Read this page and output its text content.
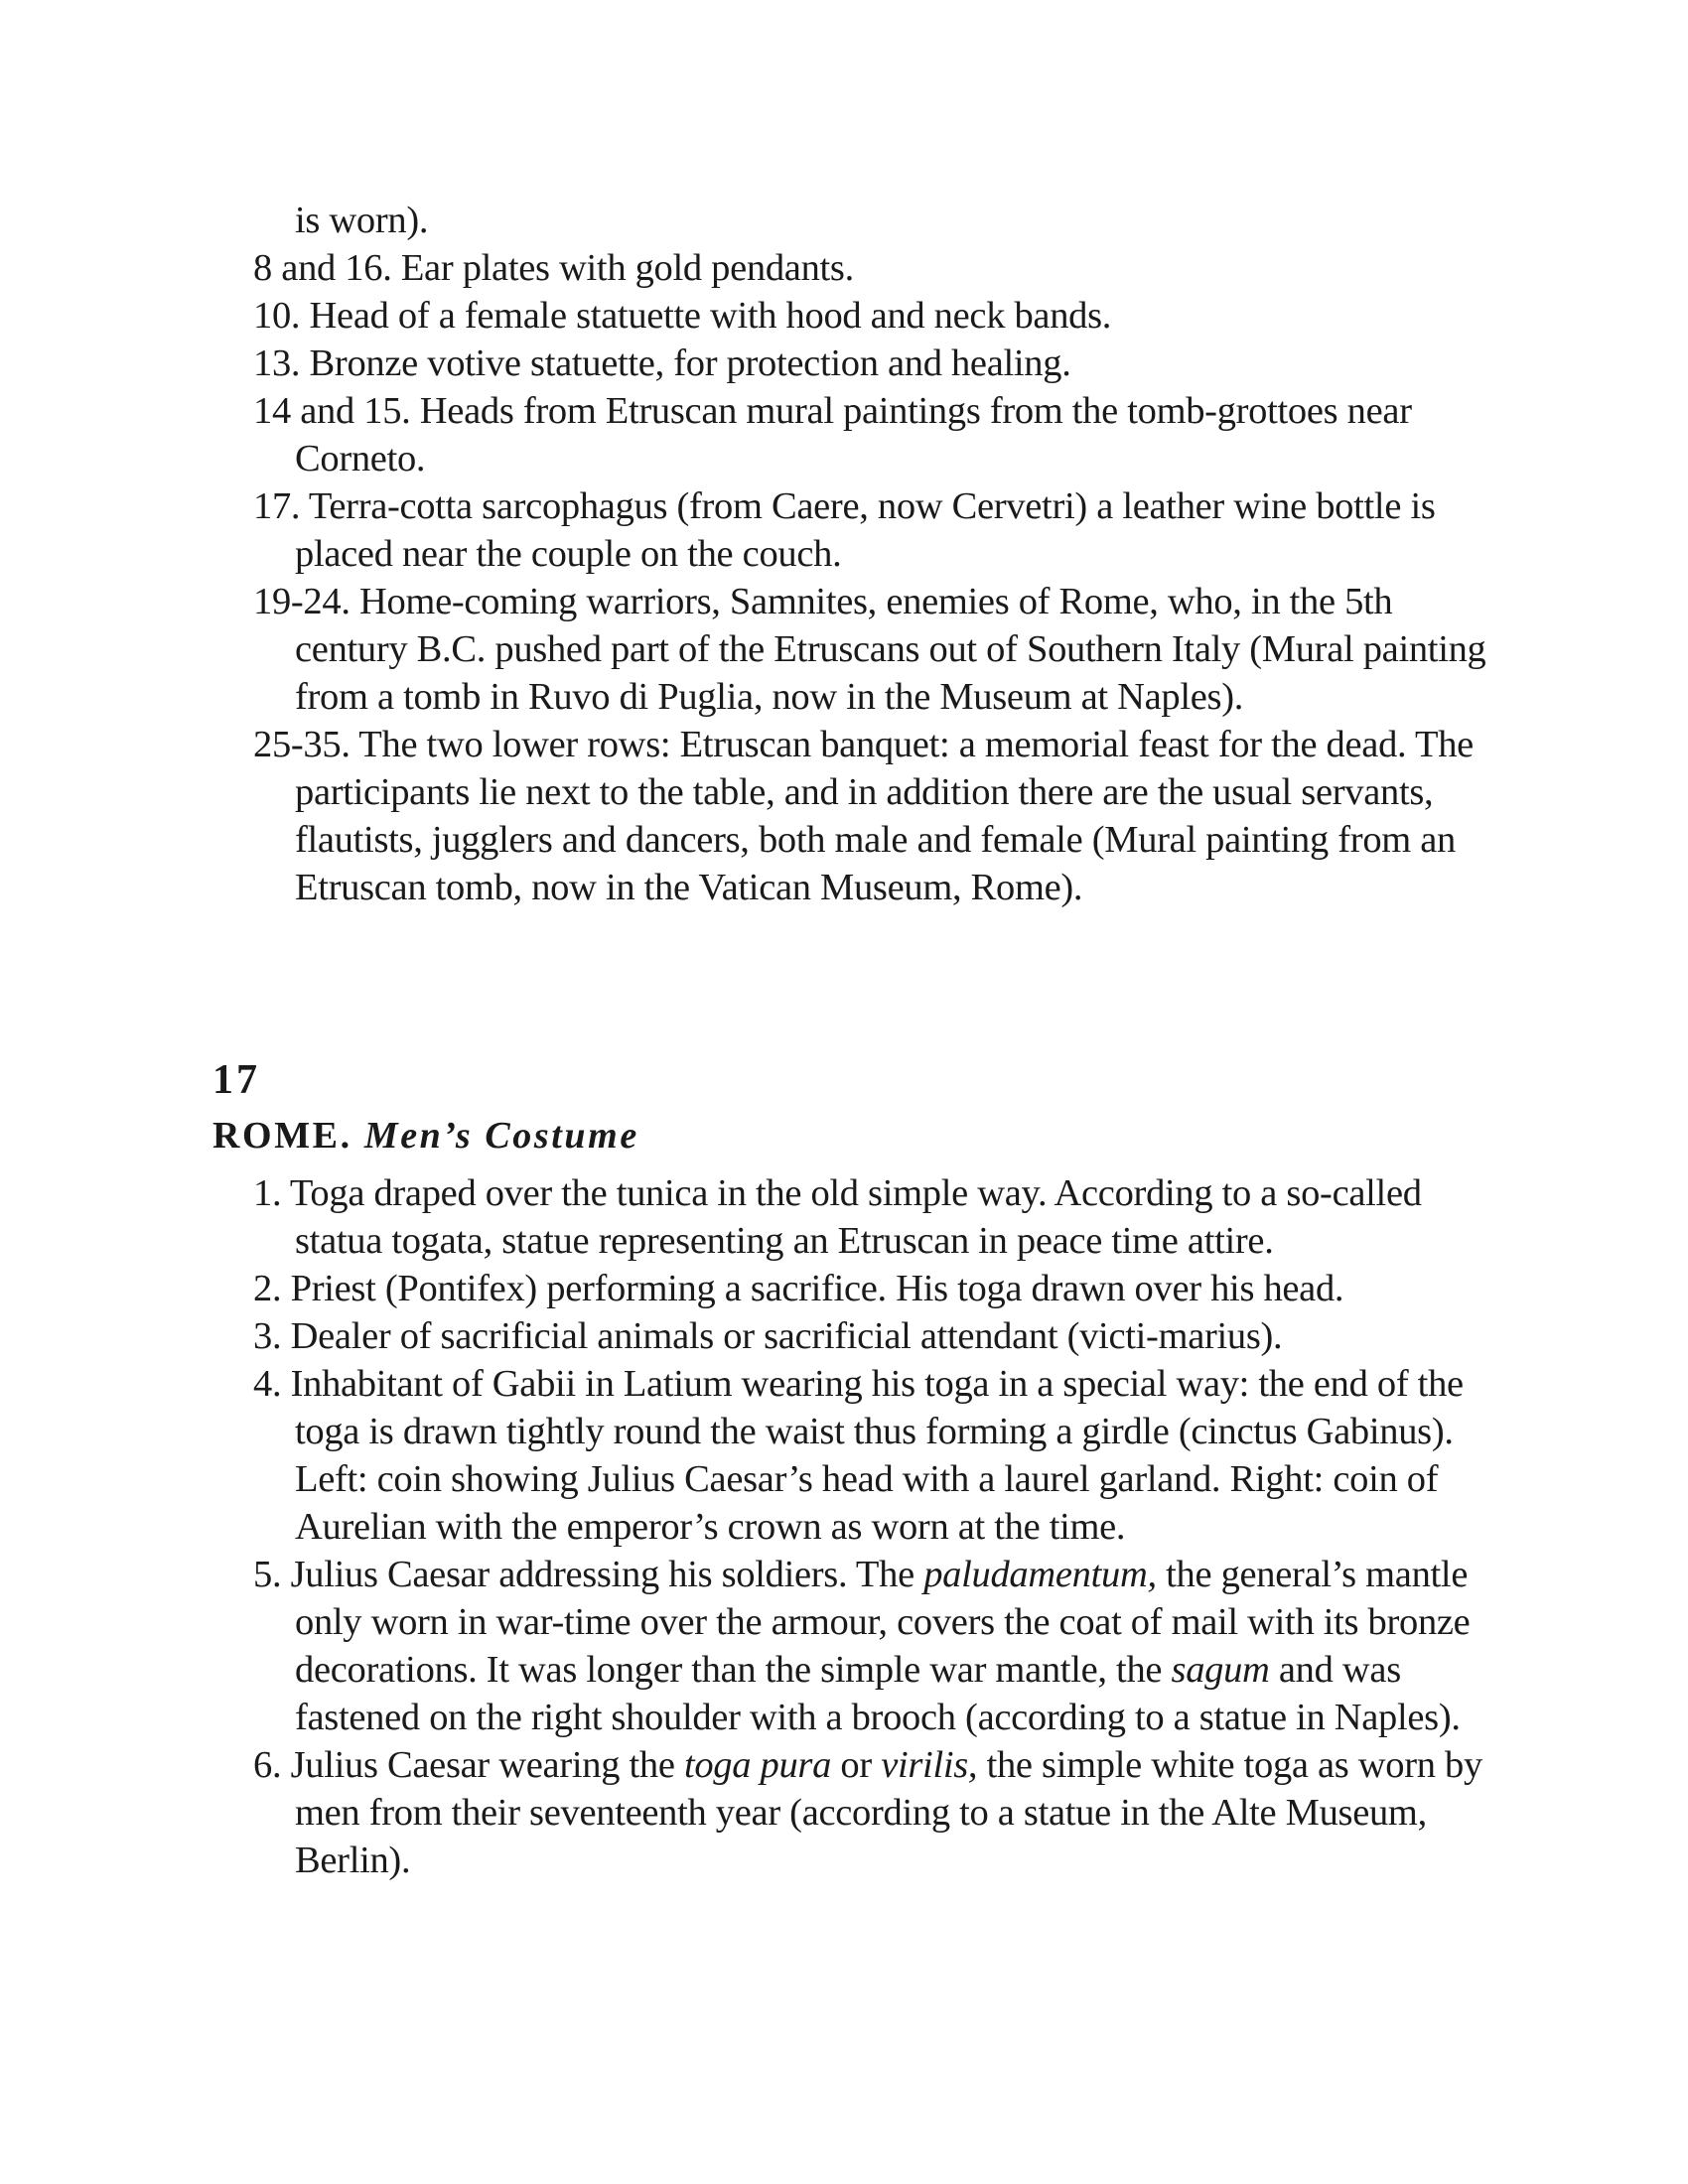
is worn).
8 and 16. Ear plates with gold pendants.
10. Head of a female statuette with hood and neck bands.
13. Bronze votive statuette, for protection and healing.
14 and 15. Heads from Etruscan mural paintings from the tomb-grottoes near Corneto.
17. Terra-cotta sarcophagus (from Caere, now Cervetri) a leather wine bottle is placed near the couple on the couch.
19-24. Home-coming warriors, Samnites, enemies of Rome, who, in the 5th century B.C. pushed part of the Etruscans out of Southern Italy (Mural painting from a tomb in Ruvo di Puglia, now in the Museum at Naples).
25-35. The two lower rows: Etruscan banquet: a memorial feast for the dead. The participants lie next to the table, and in addition there are the usual servants, flautists, jugglers and dancers, both male and female (Mural painting from an Etruscan tomb, now in the Vatican Museum, Rome).
17
ROME. Men’s Costume
1. Toga draped over the tunica in the old simple way. According to a so-called statua togata, statue representing an Etruscan in peace time attire.
2. Priest (Pontifex) performing a sacrifice. His toga drawn over his head.
3. Dealer of sacrificial animals or sacrificial attendant (victi-marius).
4. Inhabitant of Gabii in Latium wearing his toga in a special way: the end of the toga is drawn tightly round the waist thus forming a girdle (cinctus Gabinus). Left: coin showing Julius Caesar’s head with a laurel garland. Right: coin of Aurelian with the emperor’s crown as worn at the time.
5. Julius Caesar addressing his soldiers. The paludamentum, the general’s mantle only worn in war-time over the armour, covers the coat of mail with its bronze decorations. It was longer than the simple war mantle, the sagum and was fastened on the right shoulder with a brooch (according to a statue in Naples).
6. Julius Caesar wearing the toga pura or virilis, the simple white toga as worn by men from their seventeenth year (according to a statue in the Alte Museum, Berlin).
